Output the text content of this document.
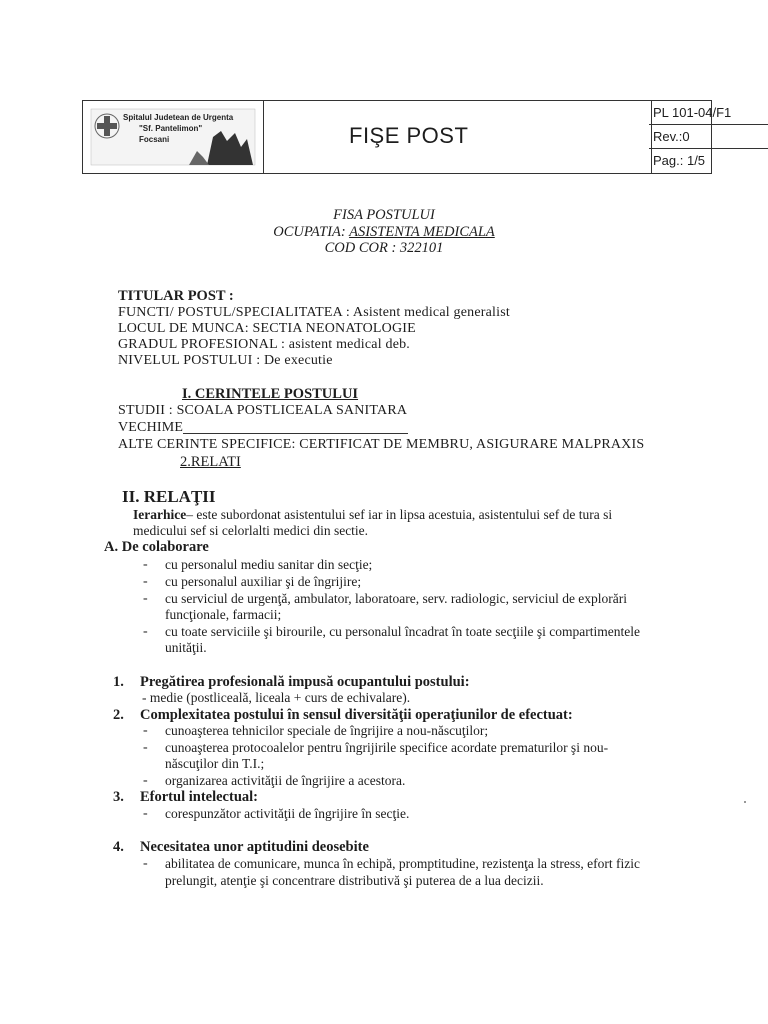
Spitalul Judetean de Urgenta
"Sf. Pantelimon"
Focsani	FIŞE POST
PL 101-04/F1
Rev.:0
Pag.: 1/5
FISA POSTULUI
OCUPATIA: ASISTENTA MEDICALA
COD COR : 322101
TITULAR POST :
FUNCTI/ POSTUL/SPECIALITATEA : Asistent medical generalist
LOCUL DE MUNCA: SECTIA NEONATOLOGIE
GRADUL PROFESIONAL : asistent medical deb.
NIVELUL POSTULUI : De executie
I. CERINTELE POSTULUI
STUDII : SCOALA POSTLICEALA SANITARA
VECHIME
ALTE CERINTE SPECIFICE: CERTIFICAT DE MEMBRU, ASIGURARE MALPRAXIS
2.RELATI
II. RELAŢII
Ierarhice– este subordonat asistentului sef iar in lipsa acestuia, asistentului sef de tura si
medicului sef si celorlalti medici din sectie.
A. De colaborare
- cu personalul mediu sanitar din secţie;
- cu personalul auxiliar şi de îngrijire;
- cu serviciul de urgenţă, ambulator, laboratoare, serv. radiologic, serviciul de explorări
funcţionale, farmacii;
- cu toate serviciile şi birourile, cu personalul încadrat în toate secţiile şi compartimentele
unităţii.
1. Pregătirea profesională impusă ocupantului postului:
- medie (postliceală, liceala + curs de echivalare).
2. Complexitatea postului în sensul diversităţii operaţiunilor de efectuat:
- cunoaşterea tehnicilor speciale de îngrijire a nou-născuţilor;
- cunoaşterea protocoalelor pentru îngrijirile specifice acordate prematurilor şi nou-
născuţilor din T.I.;
- organizarea activităţii de îngrijire a acestora.
3. Efortul intelectual:
- corespunzător activităţii de îngrijire în secţie.
4. Necesitatea unor aptitudini deosebite
- abilitatea de comunicare, munca în echipă, promptitudine, rezistenţa la stress, efort fizic
prelungit, atenţie şi concentrare distributivă şi puterea de a lua decizii.
